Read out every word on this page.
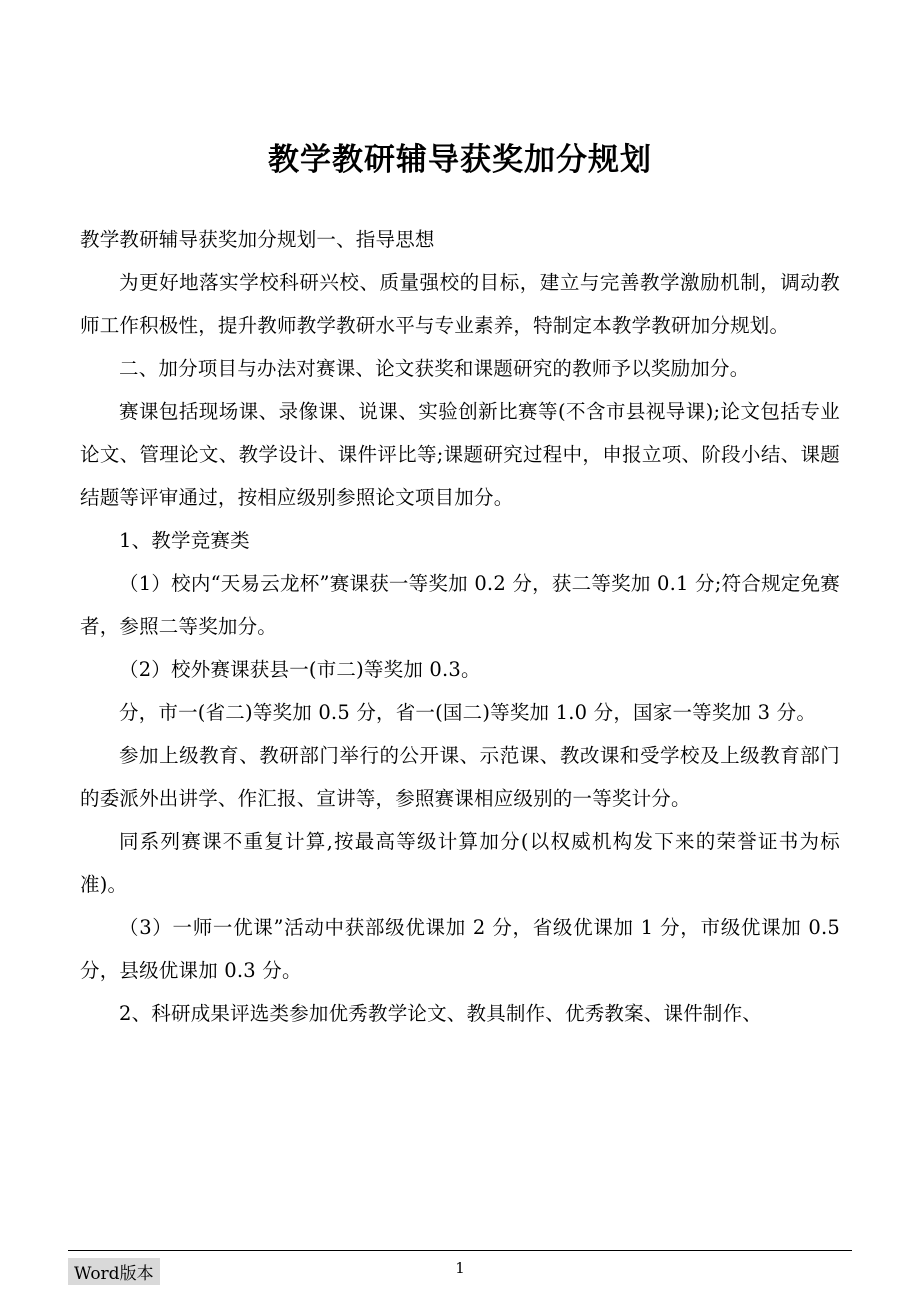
教学教研辅导获奖加分规划

教学教研辅导获奖加分规划一、指导思想

为更好地落实学校科研兴校、质量强校的目标，建立与完善教学激励机制，调动教师工作积极性，提升教师教学教研水平与专业素养，特制定本教学教研加分规划。

二、加分项目与办法对赛课、论文获奖和课题研究的教师予以奖励加分。

赛课包括现场课、录像课、说课、实验创新比赛等(不含市县视导课);论文包括专业论文、管理论文、教学设计、课件评比等;课题研究过程中，申报立项、阶段小结、课题结题等评审通过，按相应级别参照论文项目加分。

1、教学竞赛类

（1）校内“天易云龙杯”赛课获一等奖加 0.2 分，获二等奖加 0.1 分;符合规定免赛者，参照二等奖加分。

（2）校外赛课获县一(市二)等奖加 0.3。

分，市一(省二)等奖加 0.5 分，省一(国二)等奖加 1.0 分，国家一等奖加 3 分。

参加上级教育、教研部门举行的公开课、示范课、教改课和受学校及上级教育部门的委派外出讲学、作汇报、宣讲等，参照赛课相应级别的一等奖计分。

同系列赛课不重复计算,按最高等级计算加分(以权威机构发下来的荣誉证书为标准)。

（3）一师一优课”活动中获部级优课加 2 分，省级优课加 1 分，市级优课加 0.5 分，县级优课加 0.3 分。

2、科研成果评选类参加优秀教学论文、教具制作、优秀教案、课件制作、

Word版本	1
